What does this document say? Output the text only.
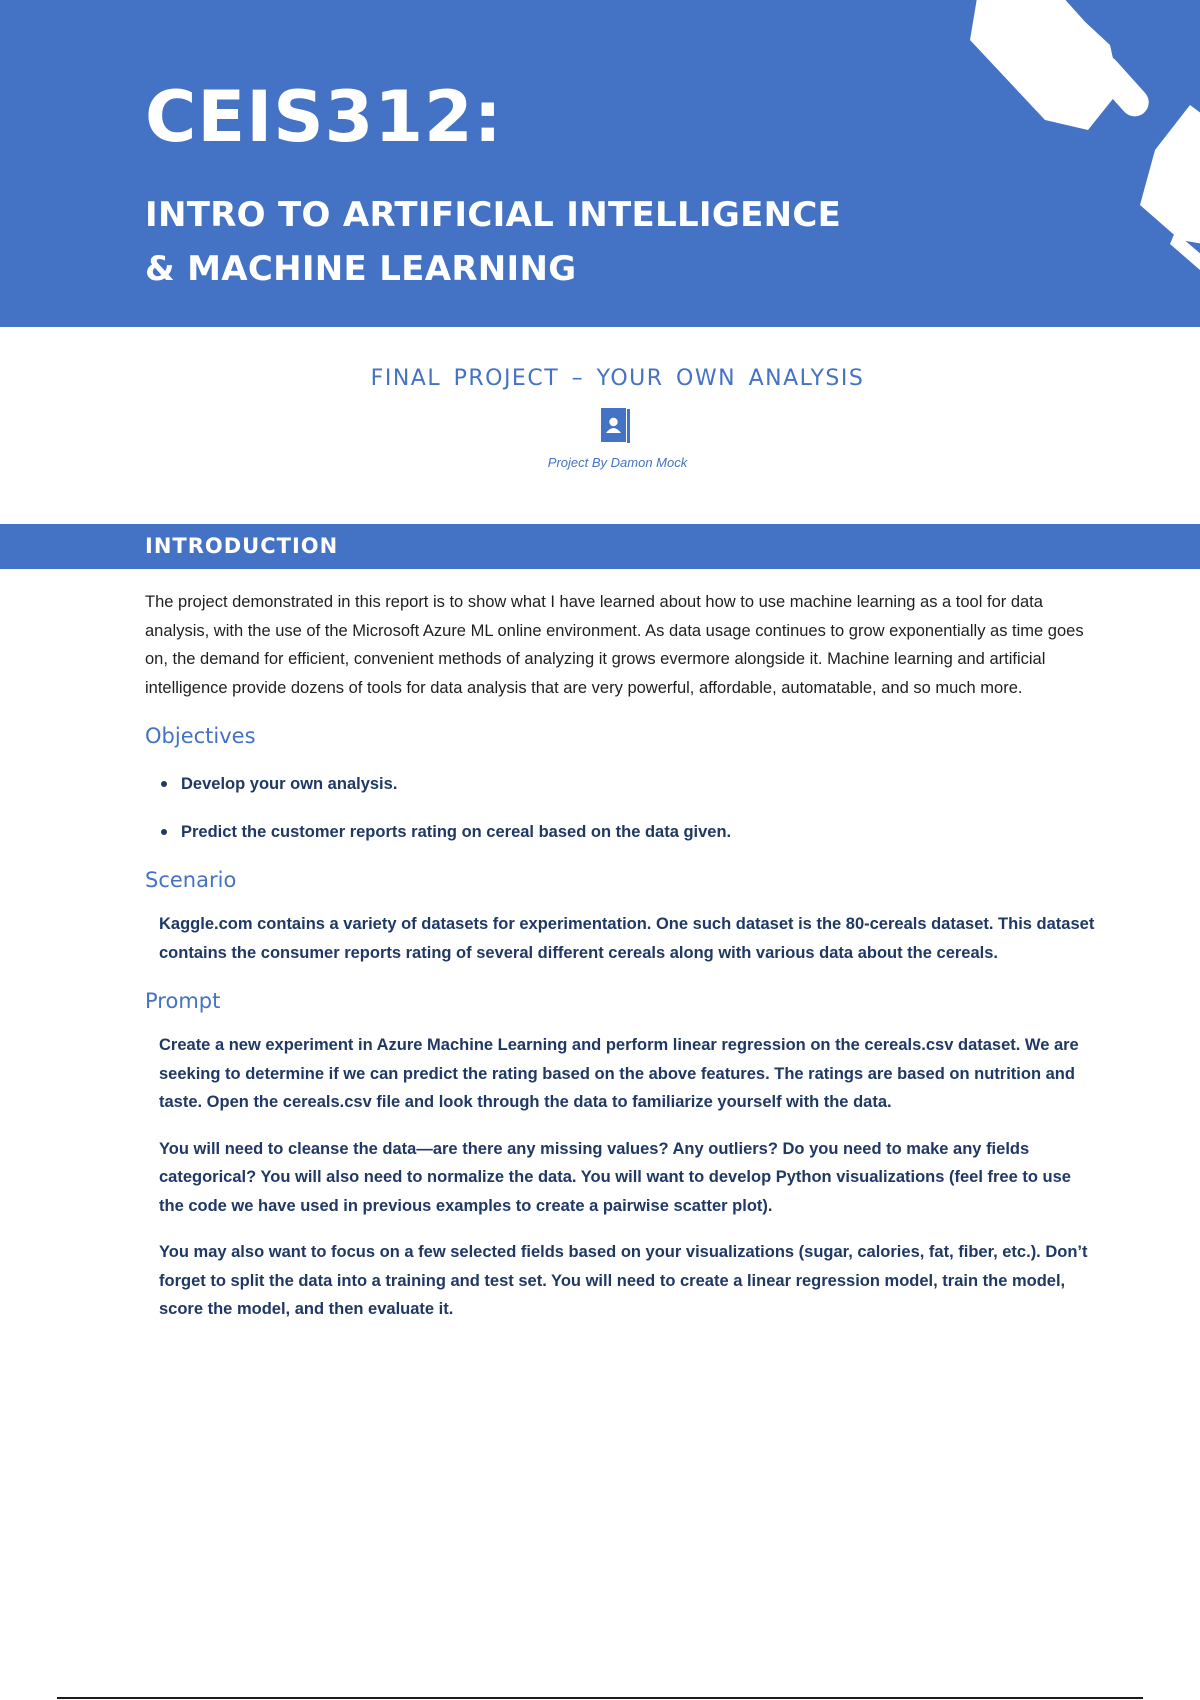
CEIS312:
INTRO TO ARTIFICIAL INTELLIGENCE
& MACHINE LEARNING
FINAL PROJECT – YOUR OWN ANALYSIS
Project By Damon Mock
INTRODUCTION

The project demonstrated in this report is to show what I have learned about how to use machine learning as a tool for data analysis, with the use of the Microsoft Azure ML online environment. As data usage continues to grow exponentially as time goes on, the demand for efficient, convenient methods of analyzing it grows evermore alongside it. Machine learning and artificial intelligence provide dozens of tools for data analysis that are very powerful, affordable, automatable, and so much more.

Objectives
Develop your own analysis.
Predict the customer reports rating on cereal based on the data given.
Scenario

Kaggle.com contains a variety of datasets for experimentation. One such dataset is the 80-cereals dataset. This dataset contains the consumer reports rating of several different cereals along with various data about the cereals.

Prompt

Create a new experiment in Azure Machine Learning and perform linear regression on the cereals.csv dataset. We are seeking to determine if we can predict the rating based on the above features. The ratings are based on nutrition and taste. Open the cereals.csv file and look through the data to familiarize yourself with the data.

You will need to cleanse the data—are there any missing values? Any outliers? Do you need to make any fields categorical? You will also need to normalize the data. You will want to develop Python visualizations (feel free to use the code we have used in previous examples to create a pairwise scatter plot).

You may also want to focus on a few selected fields based on your visualizations (sugar, calories, fat, fiber, etc.). Don’t forget to split the data into a training and test set. You will need to create a linear regression model, train the model, score the model, and then evaluate it.
